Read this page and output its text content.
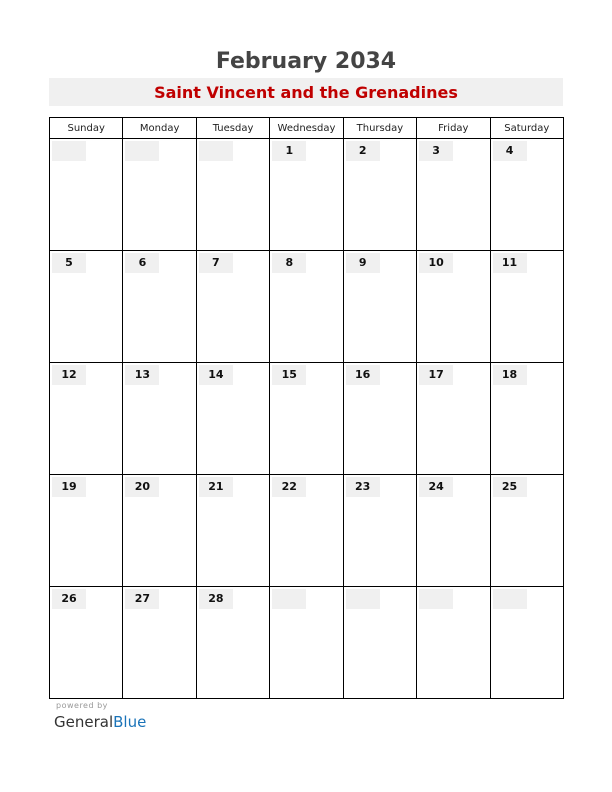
February 2034
Saint Vincent and the Grenadines
Sunday	Monday	Tuesday	Wednesday	Thursday	Friday	Saturday

			1	2	3	4

5	6	7	8	9	10	11

12	13	14	15	16	17	18

19	20	21	22	23	24	25

26	27	28				

powered by
GeneralBlue
